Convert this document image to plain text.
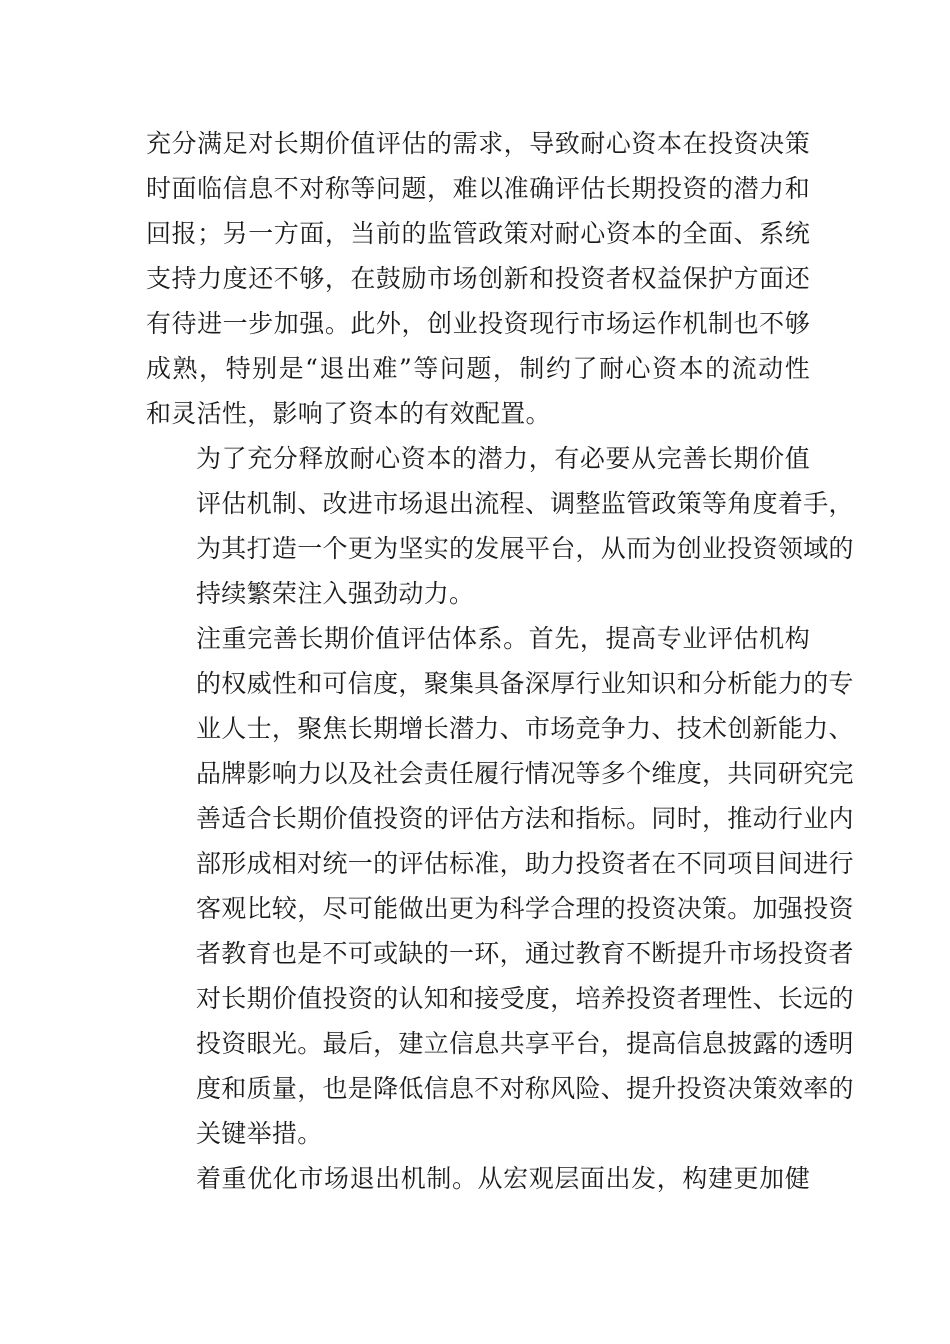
充分满足对长期价值评估的需求，导致耐心资本在投资决策
时面临信息不对称等问题，难以准确评估长期投资的潜力和
回报；另一方面，当前的监管政策对耐心资本的全面、系统
支持力度还不够，在鼓励市场创新和投资者权益保护方面还
有待进一步加强。此外，创业投资现行市场运作机制也不够
成熟，特别是“退出难”等问题，制约了耐心资本的流动性
和灵活性，影响了资本的有效配置。

为了充分释放耐心资本的潜力，有必要从完善长期价值
评估机制、改进市场退出流程、调整监管政策等角度着手，
为其打造一个更为坚实的发展平台，从而为创业投资领域的
持续繁荣注入强劲动力。

注重完善长期价值评估体系。首先，提高专业评估机构
的权威性和可信度，聚集具备深厚行业知识和分析能力的专
业人士，聚焦长期增长潜力、市场竞争力、技术创新能力、
品牌影响力以及社会责任履行情况等多个维度，共同研究完
善适合长期价值投资的评估方法和指标。同时，推动行业内
部形成相对统一的评估标准，助力投资者在不同项目间进行
客观比较，尽可能做出更为科学合理的投资决策。加强投资
者教育也是不可或缺的一环，通过教育不断提升市场投资者
对长期价值投资的认知和接受度，培养投资者理性、长远的
投资眼光。最后，建立信息共享平台，提高信息披露的透明
度和质量，也是降低信息不对称风险、提升投资决策效率的
关键举措。

着重优化市场退出机制。从宏观层面出发，构建更加健
